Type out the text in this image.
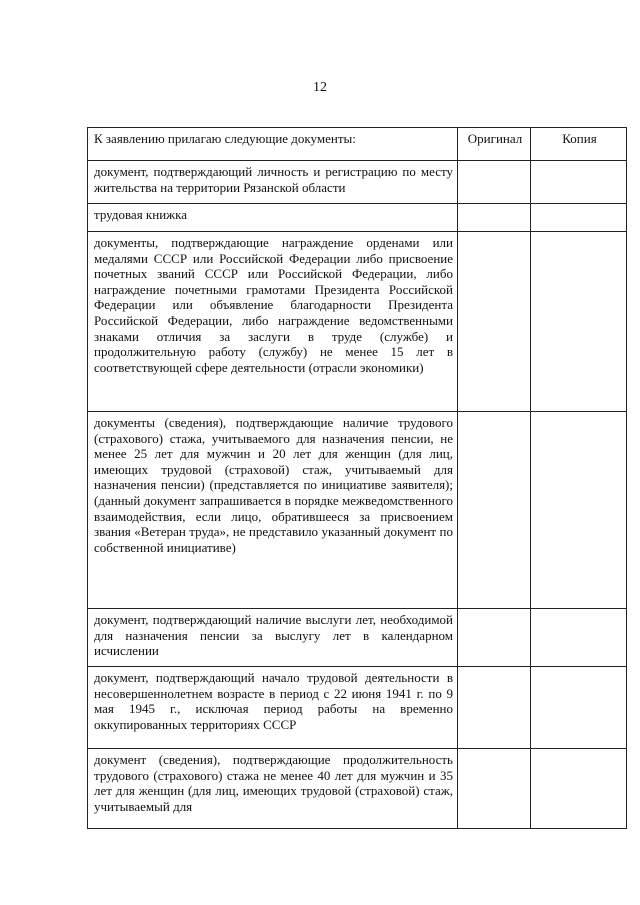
12
К заявлению прилагаю следующие документы:	Оригинал	Копия
документ, подтверждающий личность и регистрацию по месту жительства на территории Рязанской области		
трудовая книжка		
документы, подтверждающие награждение орденами или медалями СССР или Российской Федерации либо присвоение почетных званий СССР или Российской Федерации, либо награждение почетными грамотами Президента Российской Федерации или объявление благодарности Президента Российской Федерации, либо награждение ведомственными знаками отличия за заслуги в труде (службе) и продолжительную работу (службу) не менее 15 лет в соответствующей сфере деятельности (отрасли экономики)		
документы (сведения), подтверждающие наличие трудового (страхового) стажа, учитываемого для назначения пенсии, не менее 25 лет для мужчин и 20 лет для женщин (для лиц, имеющих трудовой (страховой) стаж, учитываемый для назначения пенсии) (представляется по инициативе заявителя); (данный документ запрашивается в порядке межведомственного взаимодействия, если лицо, обратившееся за присвоением звания «Ветеран труда», не представило указанный документ по собственной инициативе)		
документ, подтверждающий наличие выслуги лет, необходимой для назначения пенсии за выслугу лет в календарном исчислении		
документ, подтверждающий начало трудовой деятельности в несовершеннолетнем возрасте в период с 22 июня 1941 г. по 9 мая 1945 г., исключая период работы на временно оккупированных территориях СССР		
документ (сведения), подтверждающие продолжительность трудового (страхового) стажа не менее 40 лет для мужчин и 35 лет для женщин (для лиц, имеющих трудовой (страховой) стаж, учитываемый для		
